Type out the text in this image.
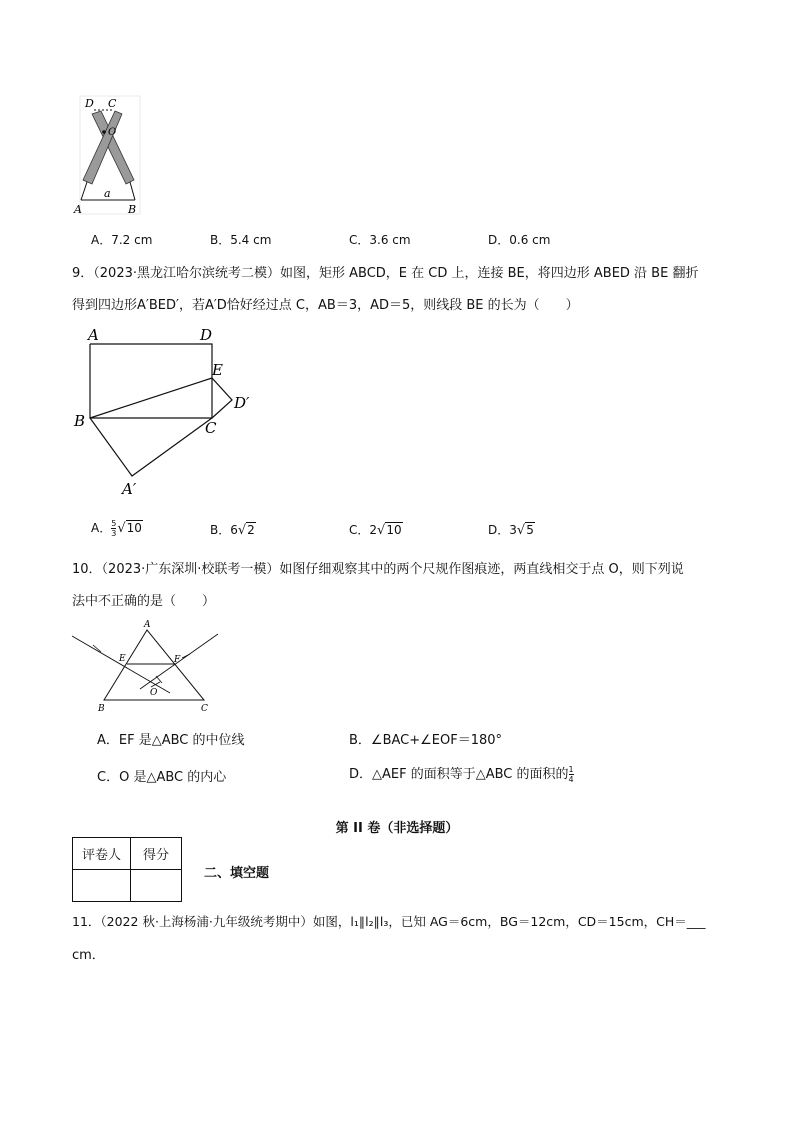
D C
O
a
A	B
A．7.2 cm	B．5.4 cm	C．3.6 cm	D．0.6 cm
9．（2023·黑龙江哈尔滨统考二模）如图，矩形 ABCD，E 在 CD 上，连接 BE，将四边形 ABED 沿 BE 翻折
得到四边形A′BED′，若A′D恰好经过点 C，AB＝3，AD＝5，则线段 BE 的长为（　　）
A	D
E
D′
B	C
A′
A． $\frac{5}{3} √10$	B．6√2	C．2√10	D．3√5
10．（2023·广东深圳·校联考一模）如图仔细观察其中的两个尺规作图痕迹，两直线相交于点 O，则下列说
法中不正确的是（　　）
A
E	F
O
B	C
A．EF 是△ABC 的中位线	B．∠BAC+∠EOF＝180°
C．O 是△ABC 的内心	D．△AEF 的面积等于△ABC 的面积的 $\frac{1}{4}$
第 II 卷（非选择题）
评卷人	得分

二、填空题
11．（2022 秋·上海杨浦·九年级统考期中）如图，l₁∥l₂∥l₃，已知 AG＝6cm，BG＝12cm，CD＝15cm，CH＝___
cm．
